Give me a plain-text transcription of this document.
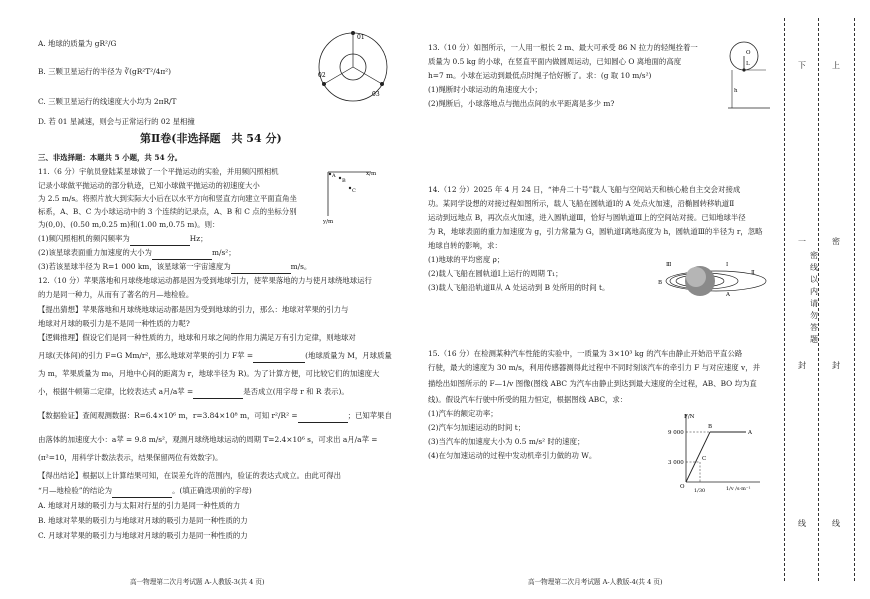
A. 地球的质量为 gR²/G
B. 三颗卫星运行的半径为 ∛(gR²T²/4π²)
C. 三颗卫星运行的线速度大小均为 2πR/T
D. 若 01 星减速，则会与正常运行的 02 星相撞
第Ⅱ卷(非选择题　共 54 分)
三、非选择题：本题共 5 小题，共 54 分。
11.（6 分）宇航员登陆某星球做了一个平抛运动的实验，并用频闪照相机
记录小球做平抛运动的部分轨迹，已知小球做平抛运动的初速度大小
为 2.5 m/s。将照片放大到实际大小后在以水平方向和竖直方向建立平面直角坐
标系，A、B、C 为小球运动中的 3 个连续的记录点，A、B 和 C 点的坐标分别
为(0,0)、(0.50 m,0.25 m)和(1.00 m,0.75 m)。则：
(1)频闪照相机的频闪频率为	Hz；
(2)该星球表面重力加速度的大小为	m/s²；
(3)若该星球半径为 R=1 000 km，该星球第一宇宙速度为	m/s。
12.（10 分）苹果落地和月球绕地球运动都是因为受到地球引力，使苹果落地的力与使月球绕地球运行
的力是同一种力，从而有了著名的月—地检验。
【提出猜想】苹果落地和月球绕地球运动都是因为受到地球的引力，那么：地球对苹果的引力与
地球对月球的吸引力是不是同一种性质的力呢?
【逻辑推理】假设它们是同一种性质的力，地球和月球之间的作用力满足万有引力定律，则地球对
月球(天体间)的引力 F=G Mm/r²，那么地球对苹果的引力 F苹 =	(地球质量为 M，月球质量
为 m，苹果质量为 m₀，月地中心间的距离为 r，地球半径为 R)。为了计算方便，可比较它们的加速度大
小，根据牛顿第二定律，比较表达式 a月/a苹 =	是否成立(用字母 r 和 R 表示)。
【数据验证】查阅观测数据：R=6.4×10⁶ m，r=3.84×10⁸ m，可知 r²/R² =	；已知苹果自
由落体的加速度大小：a苹 = 9.8 m/s²，观测月球绕地球运动的周期 T=2.4×10⁶ s，可求出 a月/a苹 =
(π²=10，用科学计数法表示，结果保留两位有效数字)。
【得出结论】根据以上计算结果可知，在误差允许的范围内，验证的表达式成立。由此可得出
“月—地检验”的结论为	。(填正确选项前的字母)
A. 地球对月球的吸引力与太阳对行星的引力是同一种性质的力
B. 地球对苹果的吸引力与地球对月球的吸引力是同一种性质的力
C. 月球对苹果的吸引力与地球对月球的吸引力是同一种性质的力
高一物理第二次月考试题 A-人教版-3(共 4 页)
01
02
03
x/m
y/m
A
B
C
13.（10 分）如图所示，一人用一根长 2 m、最大可承受 86 N 拉力的轻绳拴着一
质量为 0.5 kg 的小球，在竖直平面内做圆周运动，已知圆心 O 离地面的高度
h=7 m。小球在运动到最低点时绳子恰好断了。求：(g 取 10 m/s²)
(1)绳断时小球运动的角速度大小；
(2)绳断后，小球落地点与抛出点间的水平距离是多少 m?
14.（12 分）2025 年 4 月 24 日，“神舟二十号”载人飞船与空间站天和核心舱自主交会对接成
功。某同学设想的对接过程如图所示，载人飞船在圆轨道Ⅰ的 A 处点火加速，沿椭圆转移轨道Ⅱ
运动到远地点 B，再次点火加速，进入圆轨道Ⅲ，恰好与圆轨道Ⅲ上的空间站对接。已知地球半径
为 R，地球表面的重力加速度为 g，引力常量为 G，圆轨道Ⅰ离地高度为 h，圆轨道Ⅲ的半径为 r，忽略
地球自转的影响，求：
(1)地球的平均密度 ρ；
(2)载人飞船在圆轨道Ⅰ上运行的周期 T₁；
(3)载人飞船沿轨道Ⅱ从 A 处运动到 B 处所用的时间 t。
15.（16 分）在检测某种汽车性能的实验中，一质量为 3×10³ kg 的汽车由静止开始沿平直公路
行驶，最大的速度为 30 m/s，利用传感器测得此过程中不同时刻该汽车的牵引力 F 与对应速度 v，并
描绘出如图所示的 F—1/v 图像(图线 ABC 为汽车由静止到达到最大速度的全过程，AB、BO 均为直
线)。假设汽车行驶中所受的阻力恒定，根据图线 ABC，求：
(1)汽车的额定功率；
(2)汽车匀加速运动的时间 t；
(3)当汽车的加速度大小为 0.5 m/s² 时的速度；
(4)在匀加速运动的过程中发动机牵引力做的功 W。
高一物理第二次月考试题 A-人教版-4(共 4 页)
O
L
h
Ⅲ	Ⅰ
Ⅱ
A
B
F/N
9 000
3 000
1/v /s·m⁻¹
1/30
A
B
C
O
下
一
封
线
上
密
封
线
密
线
以
内
请
勿
答
题
